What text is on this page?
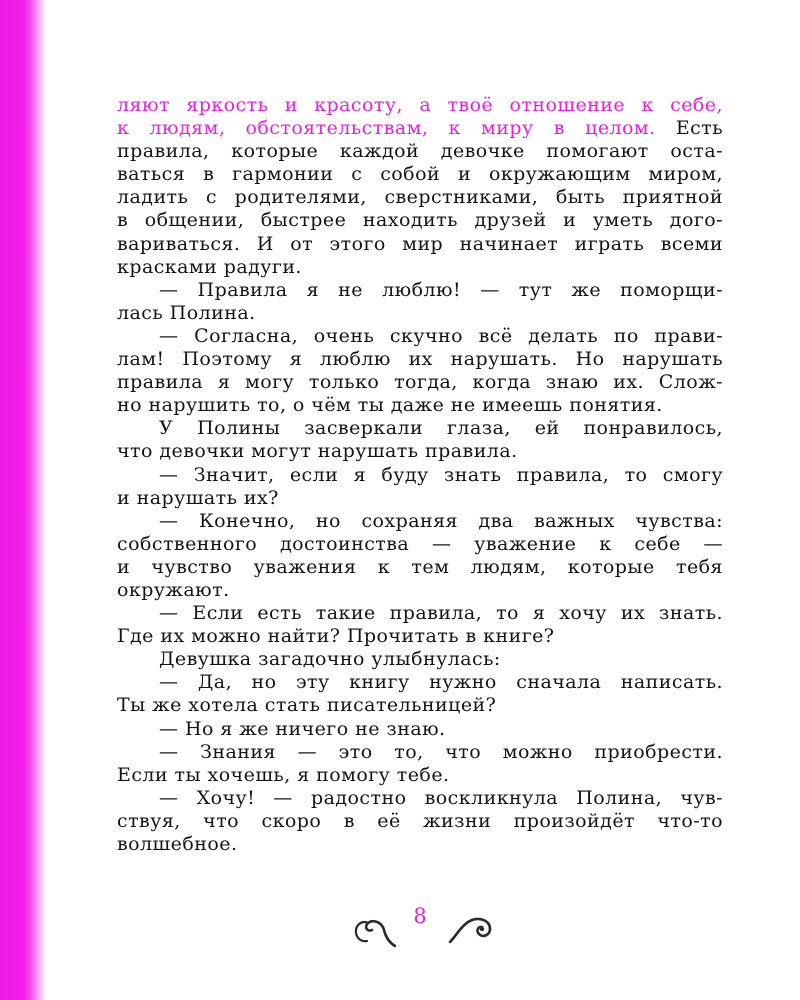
ляют яркость и красоту, а твоё отношение к себе,
к людям, обстоятельствам, к миру в целом. Есть
правила, которые каждой девочке помогают оста-
ваться в гармонии с собой и окружающим миром,
ладить с родителями, сверстниками, быть приятной
в общении, быстрее находить друзей и уметь дого-
вариваться. И от этого мир начинает играть всеми
красками радуги.
— Правила я не люблю! — тут же поморщи-
лась Полина.
— Согласна, очень скучно всё делать по прави-
лам! Поэтому я люблю их нарушать. Но нарушать
правила я могу только тогда, когда знаю их. Слож-
но нарушить то, о чём ты даже не имеешь понятия.
У Полины засверкали глаза, ей понравилось,
что девочки могут нарушать правила.
— Значит, если я буду знать правила, то смогу
и нарушать их?
— Конечно, но сохраняя два важных чувства:
собственного достоинства — уважение к себе —
и чувство уважения к тем людям, которые тебя
окружают.
— Если есть такие правила, то я хочу их знать.
Где их можно найти? Прочитать в книге?
Девушка загадочно улыбнулась:
— Да, но эту книгу нужно сначала написать.
Ты же хотела стать писательницей?
— Но я же ничего не знаю.
— Знания — это то, что можно приобрести.
Если ты хочешь, я помогу тебе.
— Хочу! — радостно воскликнула Полина, чув-
ствуя, что скоро в её жизни произойдёт что-то
волшебное.
8
